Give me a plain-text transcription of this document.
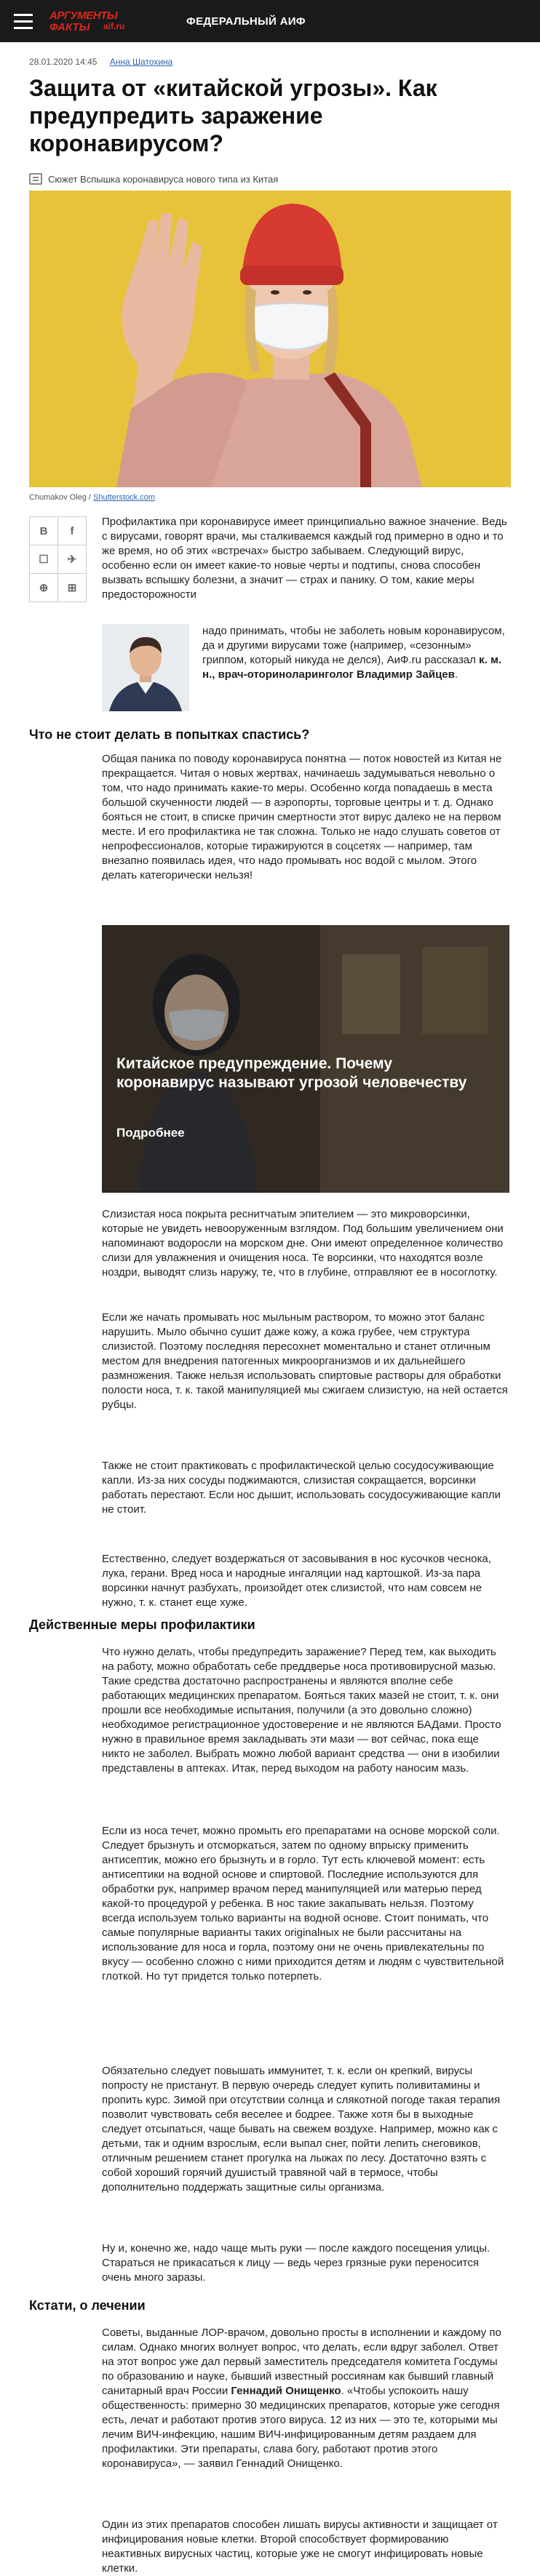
АРГУМЕНТЫ
ФАКТЫ aif.ru	ФЕДЕРАЛЬНЫЙ АИФ
28.01.2020 14:45 Анна Шатохина
Защита от «китайской угрозы». Как предупредить заражение коронавирусом?
Сюжет Вспышка коронавируса нового типа из Китая
Chumakov Oleg / Shutterstock.com
B f☐ ✈⊕ ⊞

Профилактика при коронавирусе имеет принципиально важное значение. Ведь с вирусами, говорят врачи, мы сталкиваемся каждый год примерно в одно и то же время, но об этих «встречах» быстро забываем. Следующий вирус, особенно если он имеет какие-то новые черты и подтипы, снова способен вызвать вспышку болезни, а значит — страх и панику. О том, какие меры предосторожности

надо принимать, чтобы не заболеть новым коронавирусом, да и другими вирусами тоже (например, «сезонным» гриппом, который никуда не делся), АиФ.ru рассказал к. м. н., врач-оториноларинголог Владимир Зайцев.

Что не стоит делать в попытках спастись?

Общая паника по поводу коронавируса понятна — поток новостей из Китая не прекращается. Читая о новых жертвах, начинаешь задумываться невольно о том, что надо принимать какие-то меры. Особенно когда попадаешь в места большой скученности людей — в аэропорты, торговые центры и т. д. Однако бояться не стоит, в списке причин смертности этот вирус далеко не на первом месте. И его профилактика не так сложна. Только не надо слушать советов от непрофессионалов, которые тиражируются в соцсетях — например, там внезапно появилась идея, что надо промывать нос водой с мылом. Этого делать категорически нельзя!

Китайское предупреждение. Почему коронавирус называют угрозой человечеству
Подробнее

Слизистая носа покрыта реснитчатым эпителием — это микроворсинки, которые не увидеть невооруженным взглядом. Под большим увеличением они напоминают водоросли на морском дне. Они имеют определенное количество слизи для увлажнения и очищения носа. Те ворсинки, что находятся возле ноздри, выводят слизь наружу, те, что в глубине, отправляют ее в носоглотку.

Если же начать промывать нос мыльным раствором, то можно этот баланс нарушить. Мыло обычно сушит даже кожу, а кожа грубее, чем структура слизистой. Поэтому последняя пересохнет моментально и станет отличным местом для внедрения патогенных микроорганизмов и их дальнейшего размножения. Также нельзя использовать спиртовые растворы для обработки полости носа, т. к. такой манипуляцией мы сжигаем слизистую, на ней остается рубцы.

Также не стоит практиковать с профилактической целью сосудосуживающие капли. Из-за них сосуды поджимаются, слизистая сокращается, ворсинки работать перестают. Если нос дышит, использовать сосудосуживающие капли не стоит.

Естественно, следует воздержаться от засовывания в нос кусочков чеснока, лука, герани. Вред носа и народные ингаляции над картошкой. Из-за пара ворсинки начнут разбухать, произойдет отек слизистой, что нам совсем не нужно, т. к. станет еще хуже.

Действенные меры профилактики

Что нужно делать, чтобы предупредить заражение? Перед тем, как выходить на работу, можно обработать себе преддверье носа противовирусной мазью. Такие средства достаточно распространены и являются вполне себе работающих медицинских препаратом. Бояться таких мазей не стоит, т. к. они прошли все необходимые испытания, получили (а это довольно сложно) необходимое регистрационное удостоверение и не являются БАДами. Просто нужно в правильное время закладывать эти мази — вот сейчас, пока еще никто не заболел. Выбрать можно любой вариант средства — они в изобилии представлены в аптеках. Итак, перед выходом на работу наносим мазь.

Если из носа течет, можно промыть его препаратами на основе морской соли. Следует брызнуть и отсморкаться, затем по одному впрыску применить антисептик, можно его брызнуть и в горло. Тут есть ключевой момент: есть антисептики на водной основе и спиртовой. Последние используются для обработки рук, например врачом перед манипуляцией или матерью перед какой-то процедурой у ребенка. В нос такие закапывать нельзя. Поэтому всегда используем только варианты на водной основе. Стоит понимать, что самые популярные варианты таких originalных не были рассчитаны на использование для носа и горла, поэтому они не очень привлекательны по вкусу — особенно сложно с ними приходится детям и людям с чувствительной глоткой. Но тут придется только потерпеть.

Обязательно следует повышать иммунитет, т. к. если он крепкий, вирусы попросту не пристанут. В первую очередь следует купить поливитамины и пропить курс. Зимой при отсутствии солнца и слякотной погоде такая терапия позволит чувствовать себя веселее и бодрее. Также хотя бы в выходные следует отсыпаться, чаще бывать на свежем воздухе. Например, можно как с детьми, так и одним взрослым, если выпал снег, пойти лепить снеговиков, отличным решением станет прогулка на лыжах по лесу. Достаточно взять с собой хороший горячий душистый травяной чай в термосе, чтобы дополнительно поддержать защитные силы организма.

Ну и, конечно же, надо чаще мыть руки — после каждого посещения улицы. Стараться не прикасаться к лицу — ведь через грязные руки переносится очень много заразы.

Кстати, о лечении

Советы, выданные ЛОР-врачом, довольно просты в исполнении и каждому по силам. Однако многих волнует вопрос, что делать, если вдруг заболел. Ответ на этот вопрос уже дал первый заместитель председателя комитета Госдумы по образованию и науке, бывший известный россиянам как бывший главный санитарный врач России Геннадий Онищенко. «Чтобы успокоить нашу общественность: примерно 30 медицинских препаратов, которые уже сегодня есть, лечат и работают против этого вируса. 12 из них — это те, которыми мы лечим ВИЧ-инфекцию, нашим ВИЧ-инфицированным детям раздаем для профилактики. Эти препараты, слава богу, работают против этого коронавируса», — заявил Геннадий Онищенко.

Один из этих препаратов способен лишать вирусы активности и защищает от инфицирования новые клетки. Второй способствует формированию неактивных вирусных частиц, которые уже не смогут инфицировать новые клетки.
